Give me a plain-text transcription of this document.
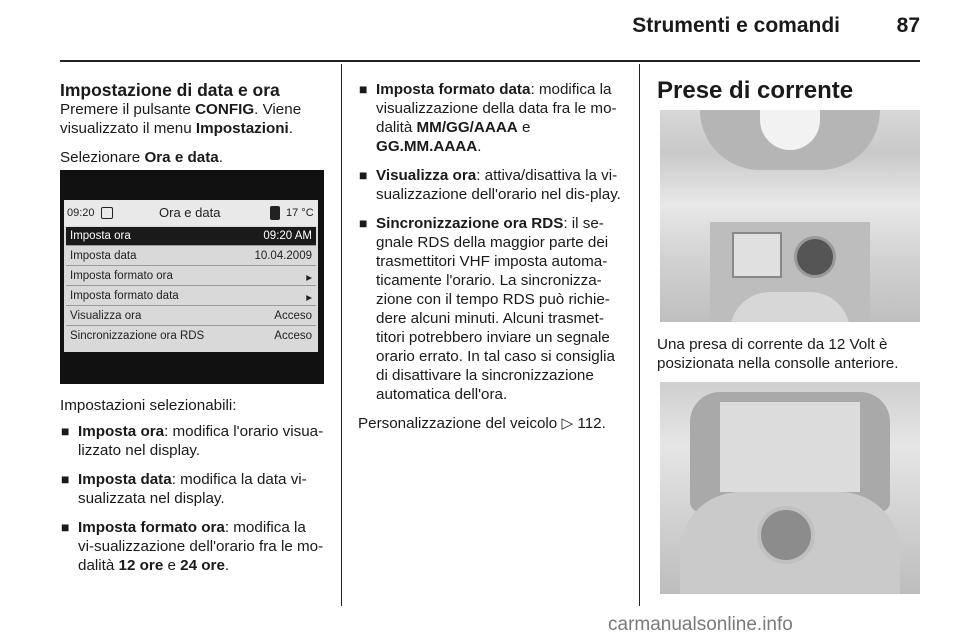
Strumenti e comandi	87
Impostazione di data e ora

Premere il pulsante CONFIG. Viene visualizzato il menu Impostazioni.

Selezionare Ora e data.

09:20	Ora e data	17 °C
Imposta ora	09:20 AM
Imposta data	10.04.2009
Imposta formato ora	▸
Imposta formato data	▸
Visualizza ora	Acceso
Sincronizzazione ora RDS	Acceso

Impostazioni selezionabili:

■ Imposta ora: modifica l'orario visua-lizzato nel display.
■ Imposta data: modifica la data vi-sualizzata nel display.
■ Imposta formato ora: modifica la vi-sualizzazione dell'orario fra le mo-dalità 12 ore e 24 ore.
■ Imposta formato data: modifica la visualizzazione della data fra le mo-dalità MM/GG/AAAA e GG.MM.AAAA.
■ Visualizza ora: attiva/disattiva la vi-sualizzazione dell'orario nel dis-play.
■ Sincronizzazione ora RDS: il se-gnale RDS della maggior parte dei trasmettitori VHF imposta automa-ticamente l'orario. La sincronizza-zione con il tempo RDS può richie-dere alcuni minuti. Alcuni trasmet-titori potrebbero inviare un segnale orario errato. In tal caso si consiglia di disattivare la sincronizzazione automatica dell'ora.

Personalizzazione del veicolo ▷ 112.

Prese di corrente

Una presa di corrente da 12 Volt è posizionata nella consolle anteriore.

carmanualsonline.info
